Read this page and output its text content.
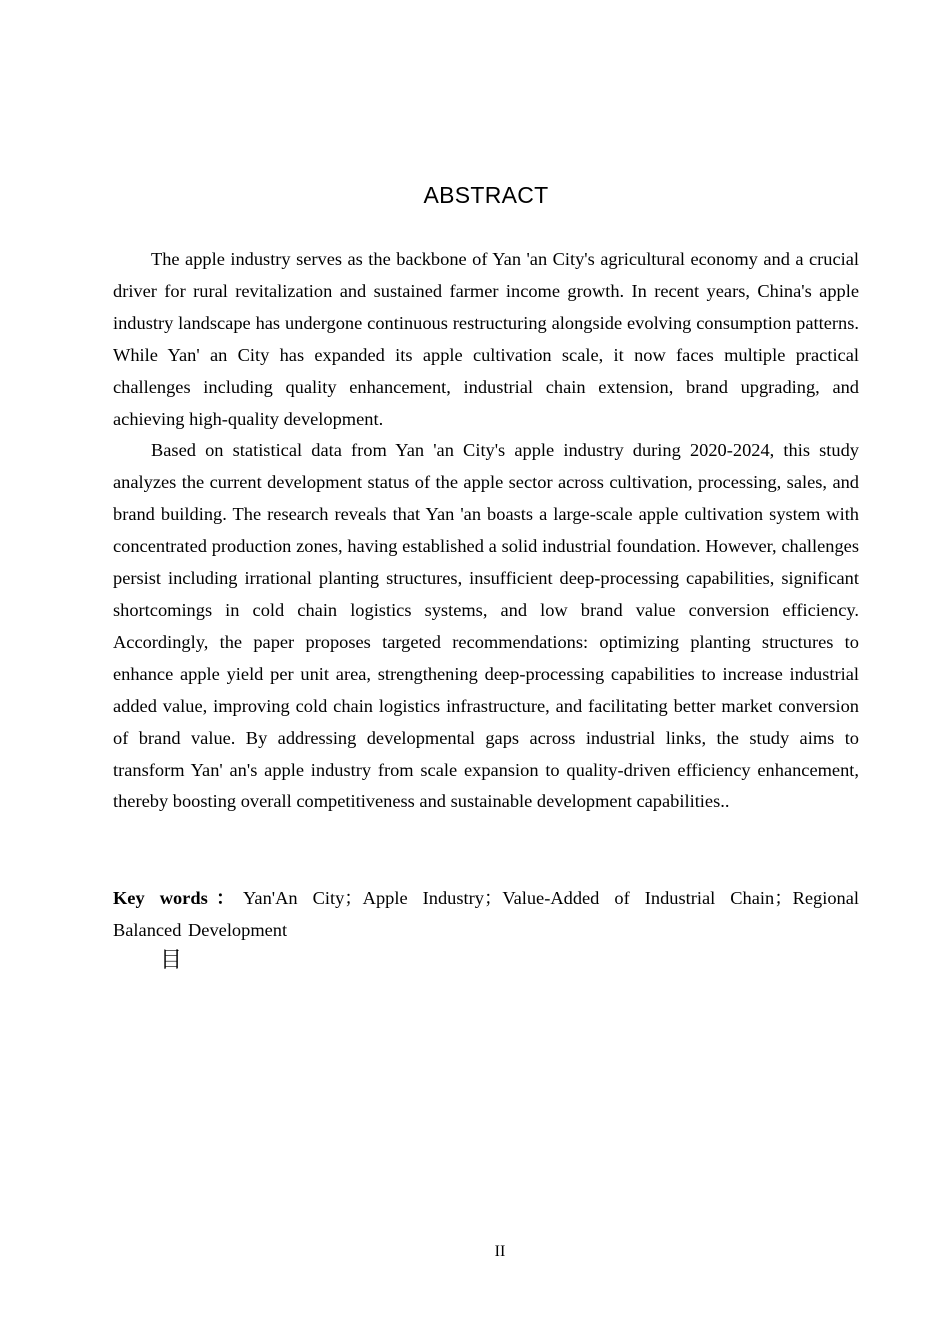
ABSTRACT

The apple industry serves as the backbone of Yan 'an City's agricultural economy and a crucial driver for rural revitalization and sustained farmer income growth. In recent years, China's apple industry landscape has undergone continuous restructuring alongside evolving consumption patterns. While Yan' an City has expanded its apple cultivation scale, it now faces multiple practical challenges including quality enhancement, industrial chain extension, brand upgrading, and achieving high-quality development.

Based on statistical data from Yan 'an City's apple industry during 2020-2024, this study analyzes the current development status of the apple sector across cultivation, processing, sales, and brand building. The research reveals that Yan 'an boasts a large-scale apple cultivation system with concentrated production zones, having established a solid industrial foundation. However, challenges persist including irrational planting structures, insufficient deep-processing capabilities, significant shortcomings in cold chain logistics systems, and low brand value conversion efficiency. Accordingly, the paper proposes targeted recommendations: optimizing planting structures to enhance apple yield per unit area, strengthening deep-processing capabilities to increase industrial added value, improving cold chain logistics infrastructure, and facilitating better market conversion of brand value. By addressing developmental gaps across industrial links, the study aims to transform Yan' an's apple industry from scale expansion to quality-driven efficiency enhancement, thereby boosting overall competitiveness and sustainable development capabilities..

Key words：Yan'An City；Apple Industry；Value-Added of Industrial Chain；Regional Balanced Development
目
II
